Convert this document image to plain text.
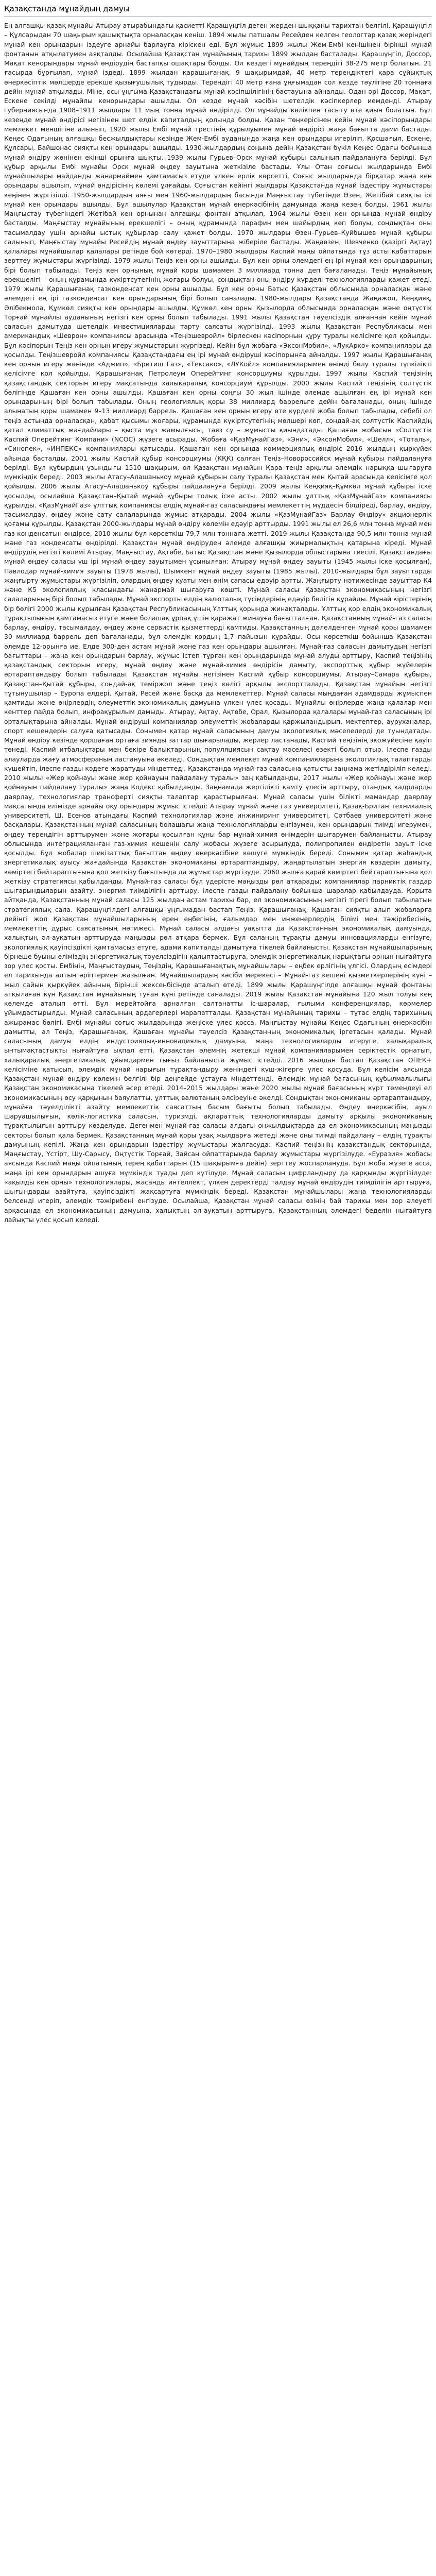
Қазақстанда мұнайдың дамуы

Ең алғашқы қазақ мұнайы Атырау атырабындағы қасиетті Қарашүңгіл деген жерден шыққаны тарихтан белгілі. Қарашүңгіл – Құлсарыдан 70 шақырым қашықтықта орналасқан кеніш. 1894 жылы патшалы Ресейден келген геологтар қазақ жеріндегі мұнай кен орындарын іздеуге арнайы барлауға кіріскен еді. Бұл жұмыс 1899 жылы Жем-Ембі кенішінен бірінші мұнай фонтанын атқылатумен аяқталды. Осылайша Қазақстан мұнайының тарихы 1899 жылдан басталады. Қарашүңгіл, Доссор, Мақат кенорындары мұнай өндірудің бастапқы ошақтары болды. Ол кездегі мұнайдың тереңдігі 38-275 метр болатын. 21 ғасырда бұрғылап, мұнай іздеді. 1899 жылдан қарашығанақ. 9 шақырымдай, 40 метр тереңдіктегі қара сұйықтық өнеркәсіптік мөлшерде ерекше қызығушылық тудырды. Тереңдігі 40 метр ғана ұңғымадан сол кезде тәулігіне 20 тоннаға дейін мұнай атқылады. Міне, осы ұңғыма Қазақстандағы мұнай кәсіпшілігінің бастауына айналды. Одан әрі Доссор, Мақат, Ескене секілді мұнайлы кенорындары ашылды. Ол кезде мұнай кәсібін шетелдік кәсіпкерлер иемденді. Атырау губерниясында 1908–1911 жылдары 11 мың тонна мұнай өндірілді. Ол мұнайды көлікпен тасыту өте қиын болатын. Бұл кезеңде мұнай өндірісі негізінен шет елдік капиталдың қолында болды. Қазан төңкерісінен кейін мұнай кәсіпорындары мемлекет меншігіне алынып, 1920 жылы Ембі мұнай трестінің құрылуымен мұнай өндірісі жаңа бағытта дами бастады. Кеңес Одағының алғашқы бесжылдықтары кезінде Жем-Ембі ауданында жаңа кен орындары игеріліп, Қосшағыл, Ескене, Құлсары, Байшонас сияқты кен орындары ашылды. 1930-жылдардың соңына дейін Қазақстан бүкіл Кеңес Одағы бойынша мұнай өндіру жөнінен екінші орынға шықты. 1939 жылы Гурьев–Орск мұнай құбыры салынып пайдалануға берілді. Бұл құбыр арқылы Ембі мұнайы Орск мұнай өңдеу зауытына жеткізіле бастады. Ұлы Отан соғысы жылдарында Ембі мұнайшылары майданды жанармаймен қамтамасыз етуде үлкен ерлік көрсетті. Соғыс жылдарында бірқатар жаңа кен орындары ашылып, мұнай өндірісінің көлемі ұлғайды. Соғыстан кейінгі жылдары Қазақстанда мұнай іздестіру жұмыстары кеңінен жүргізілді. 1950-жылдардың аяғы мен 1960-жылдардың басында Маңғыстау түбегінде Өзен, Жетібай сияқты ірі мұнай кен орындары ашылды. Бұл ашылулар Қазақстан мұнай өнеркәсібінің дамуында жаңа кезең болды. 1961 жылы Маңғыстау түбегіндегі Жетібай кен орнынан алғашқы фонтан атқылап, 1964 жылы Өзен кен орнында мұнай өндіру басталды. Маңғыстау мұнайының ерекшелігі – оның құрамында парафин мен шайырдың көп болуы, сондықтан оны тасымалдау үшін арнайы ыстық құбырлар салу қажет болды. 1970 жылдары Өзен–Гурьев–Куйбышев мұнай құбыры салынып, Маңғыстау мұнайы Ресейдің мұнай өңдеу зауыттарына жіберіле бастады. Жаңаөзен, Шевченко (қазіргі Ақтау) қалалары мұнайшылар қалалары ретінде бой көтерді. 1970–1980 жылдары Каспий маңы ойпатында тұз асты қабаттарын зерттеу жұмыстары жүргізілді. 1979 жылы Теңіз кен орны ашылды. Бұл кен орны әлемдегі ең ірі мұнай кен орындарының бірі болып табылады. Теңіз кен орнының мұнай қоры шамамен 3 миллиард тонна деп бағаланады. Теңіз мұнайының ерекшелігі – оның құрамында күкіртсутегінің жоғары болуы, сондықтан оны өндіру күрделі технологияларды қажет етеді. 1979 жылы Қарашығанақ газконденсат кен орны ашылды. Бұл кен орны Батыс Қазақстан облысында орналасқан және әлемдегі ең ірі газконденсат кен орындарының бірі болып саналады. 1980-жылдары Қазақстанда Жаңажол, Кеңқияқ, Әлібекмола, Құмкөл сияқты кен орындары ашылды. Құмкөл кен орны Қызылорда облысында орналасқан және оңтүстік Торғай мұнайлы ауданының негізгі кен орны болып табылады. 1991 жылы Қазақстан тәуелсіздік алғаннан кейін мұнай саласын дамытуда шетелдік инвестицияларды тарту саясаты жүргізілді. 1993 жылы Қазақстан Республикасы мен американдық «Шеврон» компаниясы арасында «Теңізшевройл» бірлескен кәсіпорнын құру туралы келісімге қол қойылды. Бұл кәсіпорын Теңіз кен орнын игеру жұмыстарын жүргізеді. Кейін бұл жобаға «ЭксонМобил», «ЛукАрко» компаниялары да қосылды. Теңізшевройл компаниясы Қазақстандағы ең ірі мұнай өндіруші кәсіпорынға айналды. 1997 жылы Қарашығанақ кен орнын игеру жөнінде «Аджип», «Бритиш Газ», «Тексако», «ЛУКойл» компанияларымен өнімді бөлу туралы түпкілікті келісімге қол қойылды. Қарашығанақ Петролеум Оперейтинг консорциумы құрылды. 1997 жылы Каспий теңізінің қазақстандық секторын игеру мақсатында халықаралық консорциум құрылды. 2000 жылы Каспий теңізінің солтүстік бөлігінде Қашаған кен орны ашылды. Қашаған кен орны соңғы 30 жыл ішінде әлемде ашылған ең ірі мұнай кен орындарының бірі болып табылады. Оның геологиялық қоры 38 миллиард баррельге дейін бағаланады, оның ішінде алынатын қоры шамамен 9–13 миллиард баррель. Қашаған кен орнын игеру өте күрделі жоба болып табылады, себебі ол теңіз астында орналасқан, қабат қысымы жоғары, құрамында күкіртсутегінің мөлшері көп, сондай-ақ солтүстік Каспийдің қатал климаттық жағдайлары – қыста мұз жамылғысы, таяз су – жұмысты қиындатады. Қашаған жобасын «Солтүстік Каспий Оперейтинг Компани» (NCOC) жүзеге асырады. Жобаға «ҚазМұнайГаз», «Эни», «ЭксонМобил», «Шелл», «Тоталь», «Синопек», «ИНПЕКС» компаниялары қатысады. Қашаған кен орнында коммерциялық өндіріс 2016 жылдың қыркүйек айында басталды. 2001 жылы Каспий құбыр консорциумы (КҚК) салған Теңіз–Новороссийск мұнай құбыры пайдалануға берілді. Бұл құбырдың ұзындығы 1510 шақырым, ол Қазақстан мұнайын Қара теңіз арқылы әлемдік нарыққа шығаруға мүмкіндік береді. 2003 жылы Атасу–Алашанькоу мұнай құбырын салу туралы Қазақстан мен Қытай арасында келісімге қол қойылды. 2006 жылы Атасу–Алашанькоу құбыры пайдалануға берілді. 2009 жылы Кеңқияқ–Құмкөл мұнай құбыры іске қосылды, осылайша Қазақстан–Қытай мұнай құбыры толық іске асты. 2002 жылы ұлттық «ҚазМұнайГаз» компаниясы құрылды. «ҚазМұнайГаз» ұлттық компаниясы елдің мұнай-газ саласындағы мемлекеттің мүддесін білдіреді, барлау, өндіру, тасымалдау, өңдеу және сату салаларында жұмыс атқарады. 2004 жылы «ҚазМұнайГаз» Барлау Өндіру» акционерлік қоғамы құрылды. Қазақстан 2000-жылдары мұнай өндіру көлемін едәуір арттырды. 1991 жылы ел 26,6 млн тонна мұнай мен газ конденсатын өндірсе, 2010 жылы бұл көрсеткіш 79,7 млн тоннаға жетті. 2019 жылы Қазақстанда 90,5 млн тонна мұнай және газ конденсаты өндірілді. Қазақстан мұнай өндіруден әлемде алғашқы жиырмалықтың қатарына кіреді. Мұнай өндірудің негізгі көлемі Атырау, Маңғыстау, Ақтөбе, Батыс Қазақстан және Қызылорда облыстарына тиесілі. Қазақстандағы мұнай өңдеу саласы үш ірі мұнай өңдеу зауытымен ұсынылған: Атырау мұнай өңдеу зауыты (1945 жылы іске қосылған), Павлодар мұнай-химия зауыты (1978 жылы), Шымкент мұнай өңдеу зауыты (1985 жылы). 2010-жылдары бұл зауыттарды жаңғырту жұмыстары жүргізіліп, олардың өңдеу қуаты мен өнім сапасы едәуір артты. Жаңғырту нәтижесінде зауыттар К4 және К5 экологиялық класындағы жанармай шығаруға көшті. Мұнай саласы Қазақстан экономикасының негізгі салаларының бірі болып табылады. Мұнай экспорты елдің валюталық түсімдерінің едәуір бөлігін құрайды. Мұнай кірістерінің бір бөлігі 2000 жылы құрылған Қазақстан Республикасының Ұлттық қорында жинақталады. Ұлттық қор елдің экономикалық тұрақтылығын қамтамасыз етуге және болашақ ұрпақ үшін қаражат жинауға бағытталған. Қазақстанның мұнай-газ саласы барлау, өндіру, тасымалдау, өңдеу және сервистік қызметтерді қамтиды. Қазақстанның дәлелденген мұнай қоры шамамен 30 миллиард баррель деп бағаланады, бұл әлемдік қордың 1,7 пайызын құрайды. Осы көрсеткіш бойынша Қазақстан әлемде 12-орынға ие. Елде 300-ден астам мұнай және газ кен орындары ашылған. Мұнай-газ саласын дамытудың негізгі бағыттары – жаңа кен орындарын барлау, жұмыс істеп тұрған кен орындарында мұнай алуды арттыру, Каспий теңізінің қазақстандық секторын игеру, мұнай өңдеу және мұнай-химия өндірісін дамыту, экспорттық құбыр жүйелерін әртараптандыру болып табылады. Қазақстан мұнайы негізінен Каспий құбыр консорциумы, Атырау–Самара құбыры, Қазақстан–Қытай құбыры, сондай-ақ теміржол және теңіз көлігі арқылы экспортталады. Қазақстан мұнайын негізгі тұтынушылар – Еуропа елдері, Қытай, Ресей және басқа да мемлекеттер. Мұнай саласы мыңдаған адамдарды жұмыспен қамтиды және өңірлердің әлеуметтік-экономикалық дамуына үлкен үлес қосады. Мұнайлы өңірлерде жаңа қалалар мен кенттер пайда болып, инфрақұрылым дамыды. Атырау, Ақтау, Ақтөбе, Орал, Қызылорда қалалары мұнай-газ саласының ірі орталықтарына айналды. Мұнай өндіруші компаниялар әлеуметтік жобаларды қаржыландырып, мектептер, ауруханалар, спорт кешендерін салуға қатысады. Сонымен қатар мұнай саласының дамуы экологиялық мәселелерді де туындатады. Мұнай өндіру кезінде қоршаған ортаға зиянды заттар шығарылады, жерлер ластанады, Каспий теңізінің экожүйесіне қауіп төнеді. Каспий итбалықтары мен бекіре балықтарының популяциясын сақтау мәселесі өзекті болып отыр. Ілеспе газды алауларда жағу атмосфераның ластануына әкеледі. Сондықтан мемлекет мұнай компанияларына экологиялық талаптарды күшейтіп, ілеспе газды кәдеге жаратуды міндеттеді. Қазақстанда мұнай-газ саласына қатысты заңнама жетілдіріліп келеді. 2010 жылы «Жер қойнауы және жер қойнауын пайдалану туралы» заң қабылданды, 2017 жылы «Жер қойнауы және жер қойнауын пайдалану туралы» жаңа Кодекс қабылданды. Заңнамада жергілікті қамту үлесін арттыру, отандық кадрларды даярлау, технологиялар трансферті сияқты талаптар қарастырылған. Мұнай саласы үшін білікті мамандар даярлау мақсатында елімізде арнайы оқу орындары жұмыс істейді: Атырау мұнай және газ университеті, Қазақ-Британ техникалық университеті, Ш. Есенов атындағы Каспий технологиялар және инжиниринг университеті, Сәтбаев университеті және басқалары. Қазақстанның мұнай саласының болашағы жаңа технологияларды енгізумен, кен орындарын тиімді игерумен, өңдеу тереңдігін арттырумен және жоғары қосылған құны бар мұнай-химия өнімдерін шығарумен байланысты. Атырау облысында интеграцияланған газ-химия кешенін салу жобасы жүзеге асырылуда, полипропилен өндіретін зауыт іске қосылды. Бұл жобалар шикізаттық бағыттан өңдеу өнеркәсібіне көшуге мүмкіндік береді. Сонымен қатар жаһандық энергетикалық ауысу жағдайында Қазақстан экономиканы әртараптандыру, жаңартылатын энергия көздерін дамыту, көміртегі бейтараптығына қол жеткізу бағытында да жұмыстар жүргізуде. 2060 жылға қарай көміртегі бейтараптығына қол жеткізу стратегиясы қабылданды. Мұнай-газ саласы бұл үдерісте маңызды рөл атқарады: компаниялар парниктік газдар шығарындыларын азайту, энергия тиімділігін арттыру, ілеспе газды пайдалану бойынша шаралар қабылдауда. Қорыта айтқанда, Қазақстанның мұнай саласы 125 жылдан астам тарихы бар, ел экономикасының негізгі тірегі болып табылатын стратегиялық сала. Қарашүңгілдегі алғашқы ұңғымадан бастап Теңіз, Қарашығанақ, Қашаған сияқты алып жобаларға дейінгі жол Қазақстан мұнайшыларының ерен еңбегінің, ғалымдар мен инженерлердің білімі мен тәжірибесінің, мемлекеттің дұрыс саясатының нәтижесі. Мұнай саласы алдағы уақытта да Қазақстанның экономикалық дамуында, халықтың әл-ауқатын арттыруда маңызды рөл атқара бермек. Бұл саланың тұрақты дамуы инновацияларды енгізуге, экологиялық қауіпсіздікті қамтамасыз етуге, адами капиталды дамытуға тікелей байланысты. Қазақстан мұнайшыларының бірнеше буыны еліміздің энергетикалық тәуелсіздігін қалыптастыруға, әлемдік энергетикалық нарықтағы орнын нығайтуға зор үлес қосты. Ембінің, Маңғыстаудың, Теңіздің, Қарашығанақтың мұнайшылары – еңбек ерлігінің үлгісі. Олардың есімдері ел тарихында алтын әріптермен жазылған. Мұнайшылардың кәсіби мерекесі – Мұнай-газ кешені қызметкерлерінің күні – жыл сайын қыркүйек айының бірінші жексенбісінде аталып өтеді. 1899 жылы Қарашүңгілде алғашқы мұнай фонтаны атқылаған күн Қазақстан мұнайының туған күні ретінде саналады. 2019 жылы Қазақстан мұнайына 120 жыл толуы кең көлемде аталып өтті. Бұл мерейтойға арналған салтанатты іс-шаралар, ғылыми конференциялар, көрмелер ұйымдастырылды. Мұнай саласының ардагерлері марапатталды. Қазақстан мұнайының тарихы – тұтас елдің тарихының ажырамас бөлігі. Ембі мұнайы соғыс жылдарында жеңіске үлес қосса, Маңғыстау мұнайы Кеңес Одағының өнеркәсібін дамытты, ал Теңіз, Қарашығанақ, Қашаған мұнайы тәуелсіз Қазақстанның экономикалық іргетасын қалады. Мұнай саласының дамуы елдің индустриялық-инновациялық дамуына, жаңа технологияларды игеруге, халықаралық ынтымақтастықты нығайтуға ықпал етті. Қазақстан әлемнің жетекші мұнай компанияларымен серіктестік орнатып, халықаралық энергетикалық ұйымдармен тығыз байланыста жұмыс істейді. 2016 жылдан бастап Қазақстан ОПЕК+ келісіміне қатысып, әлемдік мұнай нарығын тұрақтандыру жөніндегі күш-жігерге үлес қосуда. Бұл келісім аясында Қазақстан мұнай өндіру көлемін белгілі бір деңгейде ұстауға міндеттенді. Әлемдік мұнай бағасының құбылмалылығы Қазақстан экономикасына тікелей әсер етеді. 2014–2015 жылдары және 2020 жылы мұнай бағасының күрт төмендеуі ел экономикасының өсу қарқынын баяулатты, ұлттық валютаның әлсіреуіне әкелді. Сондықтан экономиканы әртараптандыру, мұнайға тәуелділікті азайту мемлекеттік саясаттың басым бағыты болып табылады. Өңдеу өнеркәсібін, ауыл шаруашылығын, көлік-логистика саласын, туризмді, ақпараттық технологияларды дамыту арқылы экономиканың тұрақтылығын арттыру көзделуде. Дегенмен мұнай-газ саласы алдағы онжылдықтарда да ел экономикасының маңызды секторы болып қала бермек. Қазақстанның мұнай қоры ұзақ жылдарға жетеді және оны тиімді пайдалану – елдің тұрақты дамуының кепілі. Жаңа кен орындарын іздестіру жұмыстары жалғасуда: Каспий теңізінің қазақстандық секторында, Маңғыстау, Үстірт, Шу-Сарысу, Оңтүстік Торғай, Зайсан ойпаттарында барлау жұмыстары жүргізілуде. «Еуразия» жобасы аясында Каспий маңы ойпатының терең қабаттарын (15 шақырымға дейін) зерттеу жоспарлануда. Бұл жоба жүзеге асса, жаңа ірі кен орындарын ашуға мүмкіндік туады деп күтілуде. Мұнай саласын цифрландыру да қарқынды жүргізілуде: «ақылды кен орны» технологиялары, жасанды интеллект, үлкен деректерді талдау мұнай өндірудің тиімділігін арттыруға, шығындарды азайтуға, қауіпсіздікті жақсартуға мүмкіндік береді. Қазақстан мұнайшылары жаңа технологияларды белсенді игеріп, әлемдік тәжірибені енгізуде. Осылайша, Қазақстан мұнай саласы өзінің бай тарихы мен зор әлеуеті арқасында ел экономикасының дамуына, халықтың әл-ауқатын арттыруға, Қазақстанның әлемдегі беделін нығайтуға лайықты үлес қосып келеді.
